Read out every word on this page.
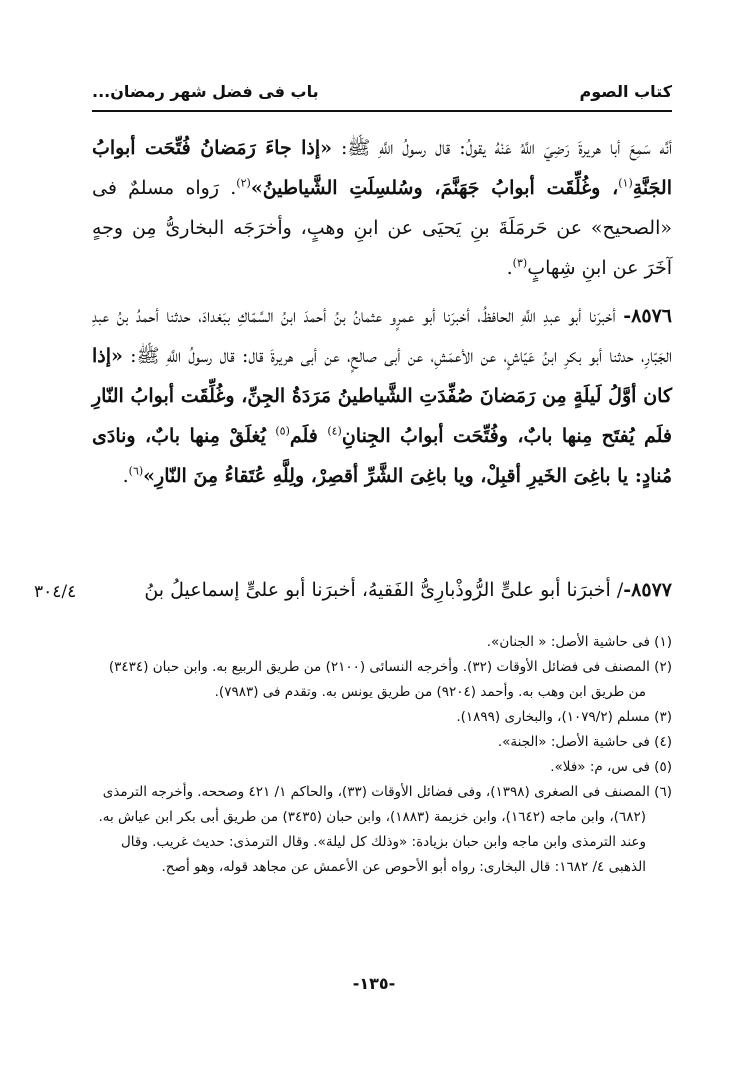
كتاب الصوم
باب فى فضل شهر رمضان...

أنَّه سَمِعَ أبا هريرةَ رَضِيَ اللَّهُ عَنْهُ يقولُ: قال رسولُ اللَّهِ ﷺ: «إذا جاءَ رَمَضانُ فُتِّحَت أبوابُ الجَنَّةِ$^{(١)}$، وغُلِّقَت أبوابُ جَهَنَّمَ، وسُلسِلَتِ الشَّياطينُ»$^{(٢)}$. رَواه مسلمٌ فى «الصحيح» عن حَرمَلَةَ بنِ يَحيَى عن ابنِ وهبٍ، وأخرَجَه البخارىُّ مِن وجهٍ آخَرَ عن ابنِ شِهابٍ$^{(٣)}$.

٨٥٧٦- أخبرَنا أبو عبدِ اللَّهِ الحافظُ، أخبرَنا أبو عمرٍو عثمانُ بنُ أحمدَ ابنُ السَّمّاكِ ببَغدادَ، حدثنا أحمدُ بنُ عبدِ الجَبّارِ، حدثنا أبو بكرِ ابنُ عَيّاشٍ، عن الأعمَشِ، عن أبى صالحٍ، عن أبى هريرةَ قال: قال رسولُ اللَّهِ ﷺ: «إذا كان أوَّلُ لَيلَةٍ مِن رَمَضانَ صُفِّدَتِ الشَّياطينُ مَرَدَةُ الجِنِّ، وغُلِّقَت أبوابُ النّارِ فلَم يُفتَح مِنها بابٌ، وفُتِّحَت أبوابُ الجِنانِ$^{(٤)}$ فلَم$^{(٥)}$ يُغلَقْ مِنها بابٌ، ونادَى مُنادٍ: يا باغِىَ الخَيرِ أقبِلْ، ويا باغِىَ الشَّرِّ أقصِرْ، ولِلَّهِ عُتَقاءُ مِنَ النّارِ»$^{(٦)}$.

٨٥٧٧-/ أخبرَنا أبو علىٍّ الرُّوذْبارِىُّ الفَقيهُ، أخبرَنا أبو علىٍّ إسماعيلُ بنُ
٣٠٤/٤

(١) فى حاشية الأصل: « الجنان».

(٢) المصنف فى فضائل الأوقات (٣٢). وأخرجه النسائى (٢١٠٠) من طريق الربيع به. وابن حبان (٣٤٣٤) من طريق ابن وهب به. وأحمد (٩٢٠٤) من طريق يونس به. وتقدم فى (٧٩٨٣).

(٣) مسلم (١٠٧٩/٢)، والبخارى (١٨٩٩).

(٤) فى حاشية الأصل: «الجنة».

(٥) فى س، م: «فلا».

(٦) المصنف فى الصغرى (١٣٩٨)، وفى فضائل الأوقات (٣٣)، والحاكم ١/ ٤٢١ وصححه. وأخرجه الترمذى (٦٨٢)، وابن ماجه (١٦٤٢)، وابن خزيمة (١٨٨٣)، وابن حبان (٣٤٣٥) من طريق أبى بكر ابن عياش به. وعند الترمذى وابن ماجه وابن حبان بزيادة: «وذلك كل ليلة». وقال الترمذى: حديث غريب. وقال الذهبى ٤/ ١٦٨٢: قال البخارى: رواه أبو الأحوص عن الأعمش عن مجاهد قوله، وهو أصح.

-١٣٥-
